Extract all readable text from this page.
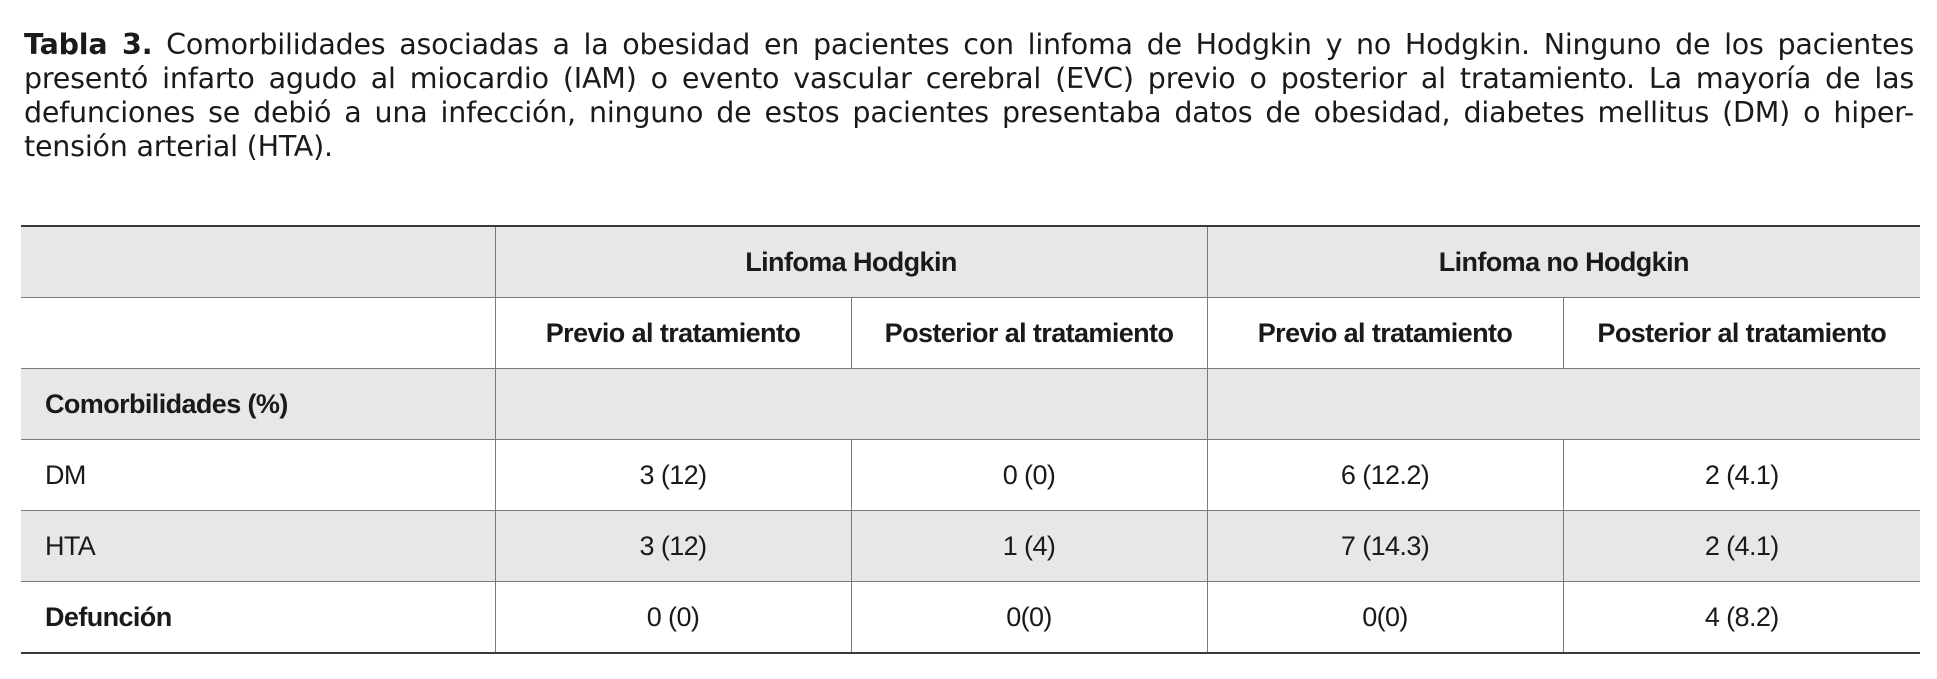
Tabla 3. Comorbilidades asociadas a la obesidad en pacientes con linfoma de Hodgkin y no Hodgkin. Ninguno de los pacientes presentó infarto agudo al miocardio (IAM) o evento vascular cerebral (EVC) previo o posterior al tratamiento. La mayoría de las defunciones se debió a una infección, ninguno de estos pacientes presentaba datos de obesidad, diabetes mellitus (DM) o hiper-tensión arterial (HTA).

	Linfoma Hodgkin		Linfoma no Hodgkin	
	Previo al tratamiento	Posterior al tratamiento	Previo al tratamiento	Posterior al tratamiento
Comorbilidades (%)				
DM	3 (12)	0 (0)	6 (12.2)	2 (4.1)
HTA	3 (12)	1 (4)	7 (14.3)	2 (4.1)
Defunción	0 (0)	0(0)	0(0)	4 (8.2)
